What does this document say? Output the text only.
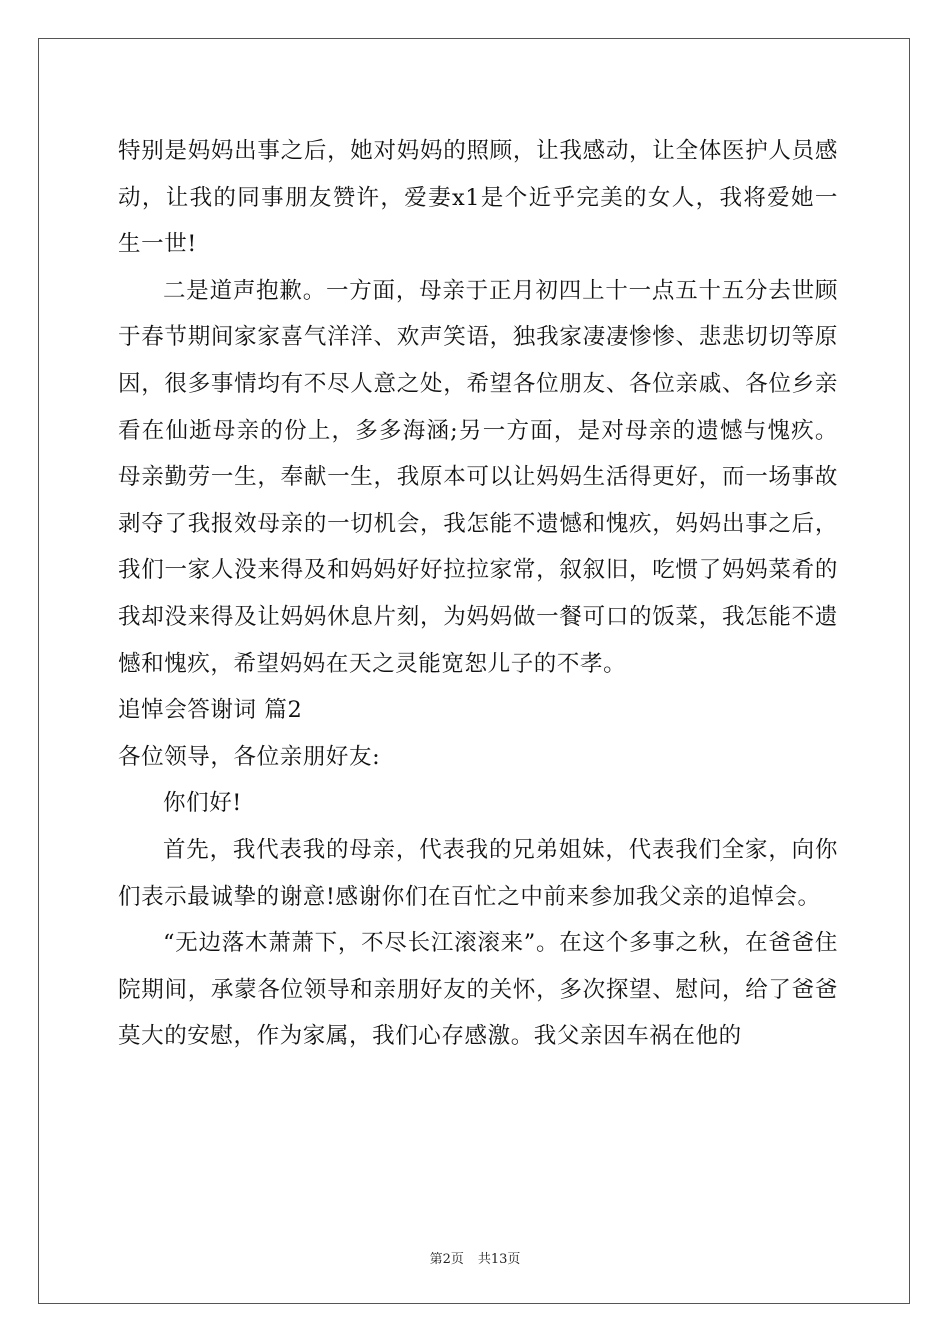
特别是妈妈出事之后，她对妈妈的照顾，让我感动，让全体医护人员感动，让我的同事朋友赞许，爱妻x1是个近乎完美的女人，我将爱她一生一世!

二是道声抱歉。一方面，母亲于正月初四上十一点五十五分去世顾于春节期间家家喜气洋洋、欢声笑语，独我家凄凄惨惨、悲悲切切等原因，很多事情均有不尽人意之处，希望各位朋友、各位亲戚、各位乡亲看在仙逝母亲的份上，多多海涵;另一方面，是对母亲的遗憾与愧疚。母亲勤劳一生，奉献一生，我原本可以让妈妈生活得更好，而一场事故剥夺了我报效母亲的一切机会，我怎能不遗憾和愧疚，妈妈出事之后，我们一家人没来得及和妈妈好好拉拉家常，叙叙旧，吃惯了妈妈菜肴的我却没来得及让妈妈休息片刻，为妈妈做一餐可口的饭菜，我怎能不遗憾和愧疚，希望妈妈在天之灵能宽恕儿子的不孝。

追悼会答谢词 篇2

各位领导，各位亲朋好友:

你们好!

首先，我代表我的母亲，代表我的兄弟姐妹，代表我们全家，向你们表示最诚挚的谢意!感谢你们在百忙之中前来参加我父亲的追悼会。

“无边落木萧萧下，不尽长江滚滚来”。在这个多事之秋，在爸爸住院期间，承蒙各位领导和亲朋好友的关怀，多次探望、慰问，给了爸爸莫大的安慰，作为家属，我们心存感激。我父亲因车祸在他的

第2页 共13页
